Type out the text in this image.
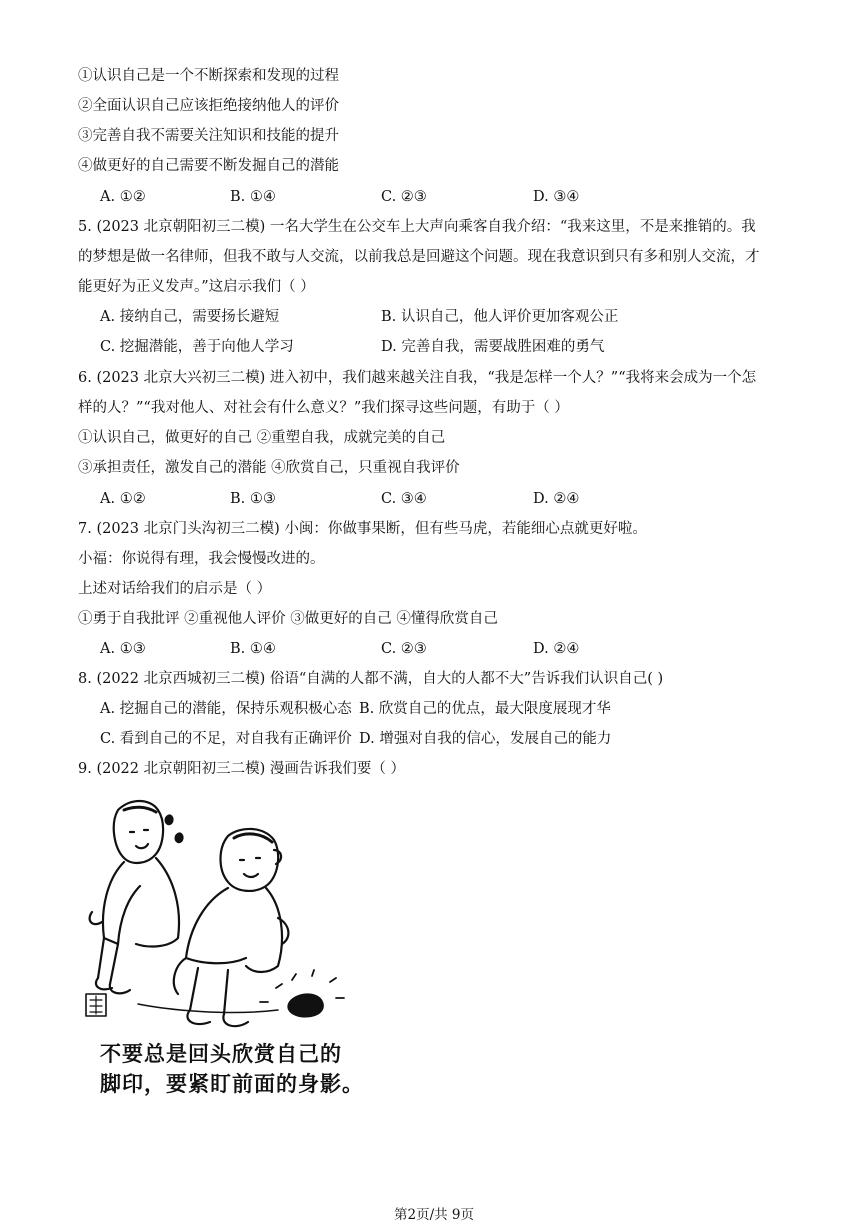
①认识自己是一个不断探索和发现的过程
②全面认识自己应该拒绝接纳他人的评价
③完善自我不需要关注知识和技能的提升
④做更好的自己需要不断发掘自己的潜能
A. ①②	B. ①④	C. ②③	D. ③④
5. (2023 北京朝阳初三二模) 一名大学生在公交车上大声向乘客自我介绍：“我来这里，不是来推销的。我
的梦想是做一名律师，但我不敢与人交流，以前我总是回避这个问题。现在我意识到只有多和别人交流，才
能更好为正义发声。”这启示我们（ ）
A. 接纳自己，需要扬长避短	B. 认识自己，他人评价更加客观公正
C. 挖掘潜能，善于向他人学习	D. 完善自我，需要战胜困难的勇气
6. (2023 北京大兴初三二模) 进入初中，我们越来越关注自我，“我是怎样一个人？”“我将来会成为一个怎
样的人？”“我对他人、对社会有什么意义？”我们探寻这些问题，有助于（ ）
①认识自己，做更好的自己 ②重塑自我，成就完美的自己
③承担责任，激发自己的潜能 ④欣赏自己，只重视自我评价
A. ①②	B. ①③	C. ③④	D. ②④
7. (2023 北京门头沟初三二模) 小闽：你做事果断，但有些马虎，若能细心点就更好啦。
小福：你说得有理，我会慢慢改进的。
上述对话给我们的启示是（ ）
①勇于自我批评 ②重视他人评价 ③做更好的自己 ④懂得欣赏自己
A. ①③	B. ①④	C. ②③	D. ②④
8. (2022 北京西城初三二模) 俗语“自满的人都不满，自大的人都不大”告诉我们认识自己( )
A. 挖掘自己的潜能，保持乐观积极心态 B. 欣赏自己的优点，最大限度展现才华
C. 看到自己的不足，对自我有正确评价 D. 增强对自我的信心，发展自己的能力
9. (2022 北京朝阳初三二模) 漫画告诉我们要（ ）
不要总是回头欣赏自己的
脚印，要紧盯前面的身影。
第2页/共 9页
